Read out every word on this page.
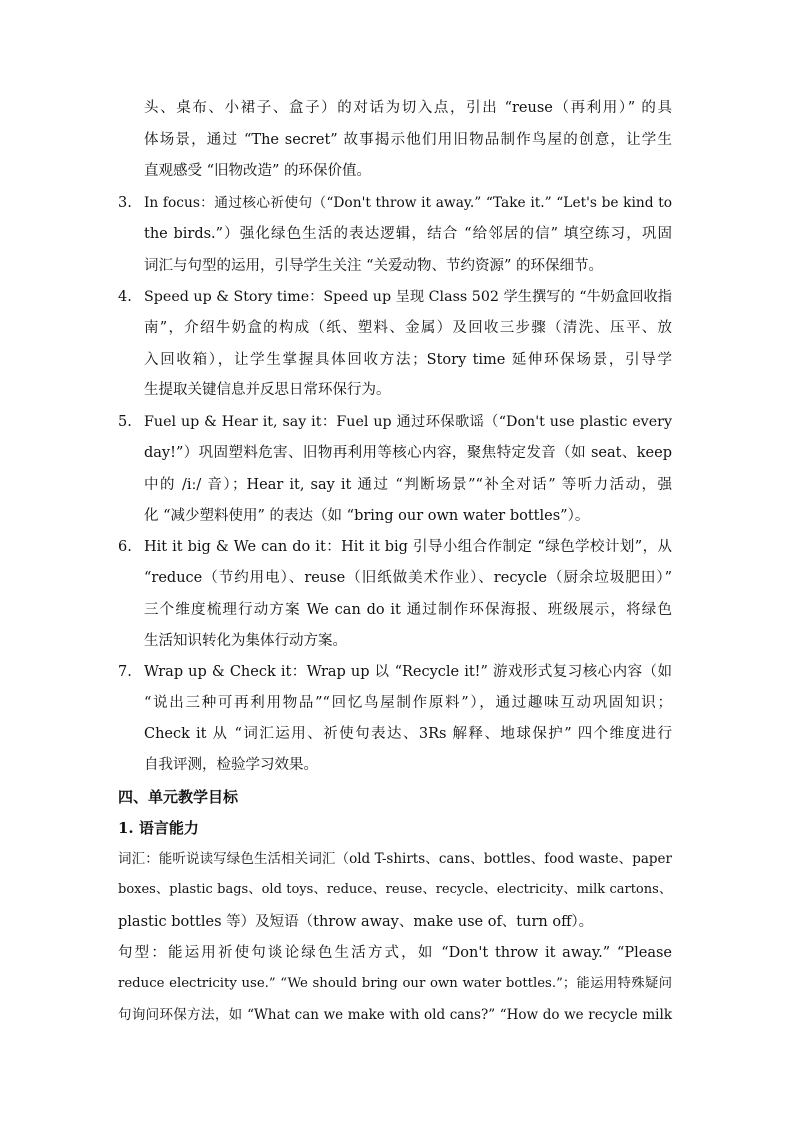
头、桌布、小裙子、盒子）的对话为切入点，引出 “reuse（再利用）” 的具
体场景，通过 “The secret” 故事揭示他们用旧物品制作鸟屋的创意，让学生
直观感受 “旧物改造” 的环保价值。
3. In focus：通过核心祈使句（“Don't throw it away.” “Take it.” “Let's be kind to
the birds.”）强化绿色生活的表达逻辑，结合 “给邻居的信” 填空练习，巩固
词汇与句型的运用，引导学生关注 “关爱动物、节约资源” 的环保细节。
4. Speed up & Story time：Speed up 呈现 Class 502 学生撰写的 “牛奶盒回收指
南”，介绍牛奶盒的构成（纸、塑料、金属）及回收三步骤（清洗、压平、放
入回收箱），让学生掌握具体回收方法；Story time 延伸环保场景，引导学
生提取关键信息并反思日常环保行为。
5. Fuel up & Hear it, say it：Fuel up 通过环保歌谣（“Don't use plastic every
day!”）巩固塑料危害、旧物再利用等核心内容，聚焦特定发音（如 seat、keep
中的 /iː/ 音）；Hear it, say it 通过 “判断场景”“补全对话” 等听力活动，强
化 “减少塑料使用” 的表达（如 “bring our own water bottles”）。
6. Hit it big & We can do it：Hit it big 引导小组合作制定 “绿色学校计划”，从
“reduce（节约用电）、reuse（旧纸做美术作业）、recycle（厨余垃圾肥田）”
三个维度梳理行动方案 We can do it 通过制作环保海报、班级展示，将绿色
生活知识转化为集体行动方案。
7. Wrap up & Check it：Wrap up 以 “Recycle it!” 游戏形式复习核心内容（如
“说出三种可再利用物品”“回忆鸟屋制作原料”），通过趣味互动巩固知识；
Check it 从 “词汇运用、祈使句表达、3Rs 解释、地球保护” 四个维度进行
自我评测，检验学习效果。
四、单元教学目标
1. 语言能力
词汇：能听说读写绿色生活相关词汇（old T-shirts、cans、bottles、food waste、paper
boxes、plastic bags、old toys、reduce、reuse、recycle、electricity、milk cartons、
plastic bottles 等）及短语（throw away、make use of、turn off）。
句型：能运用祈使句谈论绿色生活方式，如 “Don't throw it away.” “Please
reduce electricity use.” “We should bring our own water bottles.”；能运用特殊疑问
句询问环保方法，如 “What can we make with old cans?” “How do we recycle milk
